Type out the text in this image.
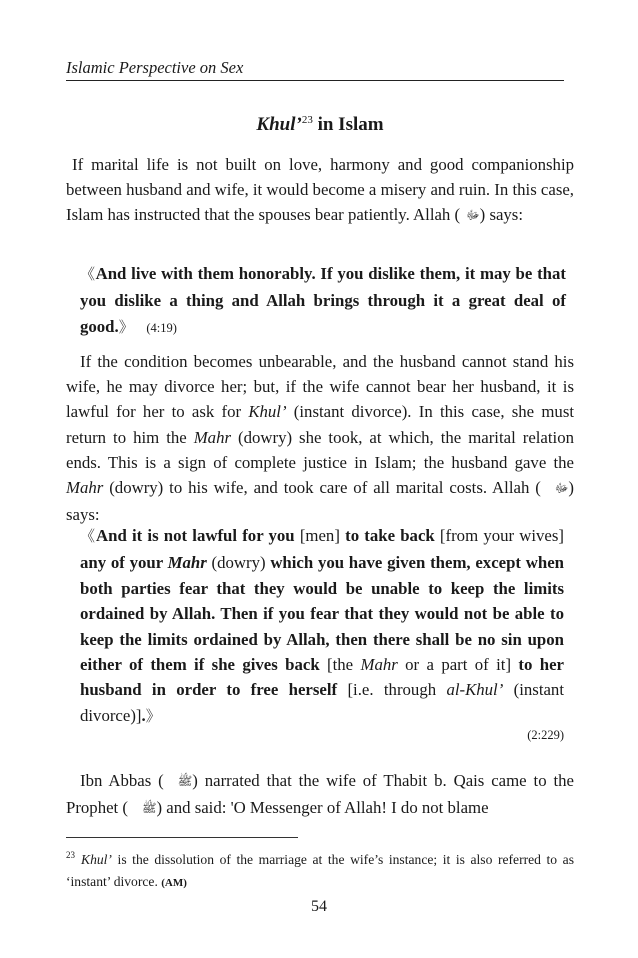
Islamic Perspective on Sex
Khul’$^{23}$ in Islam

If marital life is not built on love, harmony and good companionship between husband and wife, it would become a misery and ruin. In this case, Islam has instructed that the spouses bear patiently. Allah ( ﷻ) says:

《And live with them honorably. If you dislike them, it may be that you dislike a thing and Allah brings through it a great deal of good.》 (4:19)

If the condition becomes unbearable, and the husband cannot stand his wife, he may divorce her; but, if the wife cannot bear her husband, it is lawful for her to ask for Khul’ (instant divorce). In this case, she must return to him the Mahr (dowry) she took, at which, the marital relation ends. This is a sign of complete justice in Islam; the husband gave the Mahr (dowry) to his wife, and took care of all marital costs. Allah ( ﷻ) says:

《And it is not lawful for you [men] to take back [from your wives] any of your Mahr (dowry) which you have given them, except when both parties fear that they would be unable to keep the limits ordained by Allah. Then if you fear that they would not be able to keep the limits ordained by Allah, then there shall be no sin upon either of them if she gives back [the Mahr or a part of it] to her husband in order to free herself [i.e. through al-Khul’ (instant divorce)].》

(2:229)

Ibn Abbas ( ﷺ) narrated that the wife of Thabit b. Qais came to the Prophet ( ﷺ) and said: 'O Messenger of Allah! I do not blame

$^{23}$ Khul’ is the dissolution of the marriage at the wife’s instance; it is also referred to as ‘instant’ divorce. (AM)

54
